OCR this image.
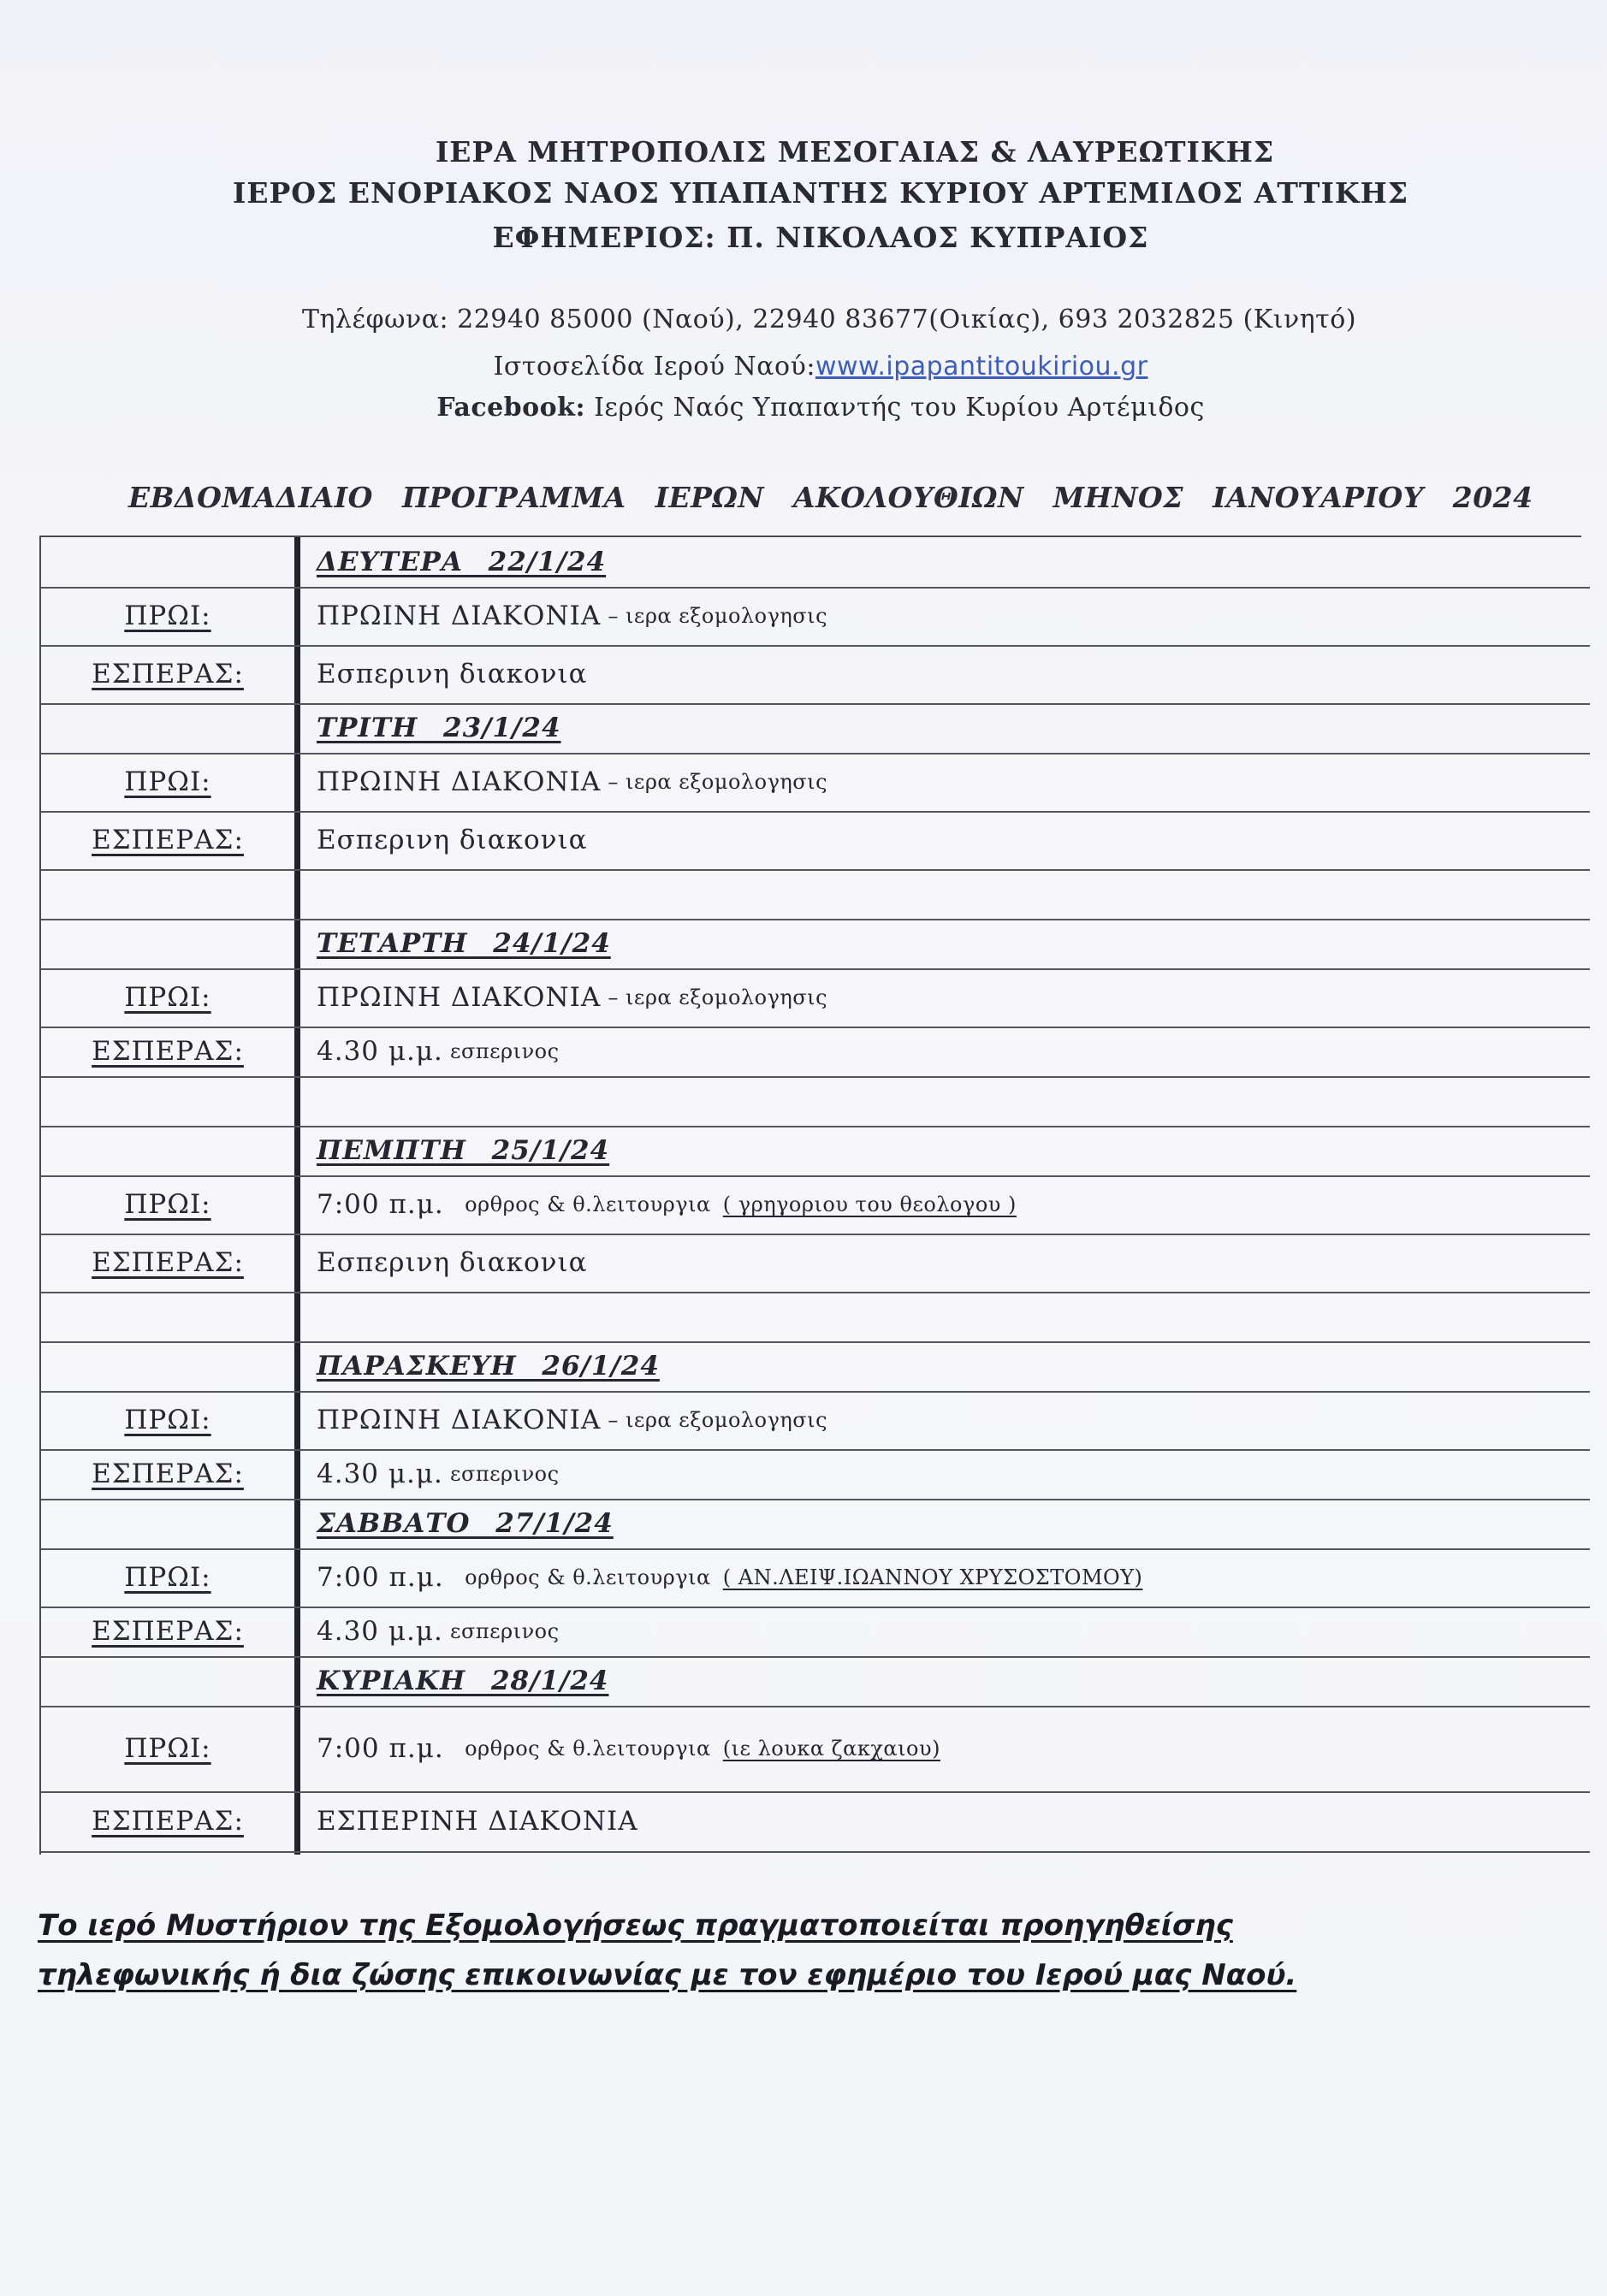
ΙΕΡΑ ΜΗΤΡΟΠΟΛΙΣ ΜΕΣΟΓΑΙΑΣ & ΛΑΥΡΕΩΤΙΚΗΣ
ΙΕΡΟΣ ΕΝΟΡΙΑΚΟΣ ΝΑΟΣ ΥΠΑΠΑΝΤΗΣ ΚΥΡΙΟΥ ΑΡΤΕΜΙΔΟΣ ΑΤΤΙΚΗΣ
ΕΦΗΜΕΡΙΟΣ: Π. ΝΙΚΟΛΑΟΣ ΚΥΠΡΑΙΟΣ
Τηλέφωνα: 22940 85000 (Ναού), 22940 83677(Οικίας), 693 2032825 (Κινητό)
Ιστοσελίδα Ιερού Ναού:www.ipapantitoukiriou.gr
Facebook: Ιερός Ναός Υπαπαντής του Κυρίου Αρτέμιδος
ΕΒΔΟΜΑΔΙΑΙΟ ΠΡΟΓΡΑΜΜΑ ΙΕΡΩΝ ΑΚΟΛΟΥΘΙΩΝ ΜΗΝΟΣ ΙΑΝΟΥΑΡΙΟΥ 2024
ΔΕΥΤΕΡΑ 22/1/24
ΠΡΩΙ:	ΠΡΩΙΝΗ ΔΙΑΚΟΝΙΑ – ιερα εξομολογησις
ΕΣΠΕΡΑΣ:	Εσπερινη διακονια
ΤΡΙΤΗ 23/1/24
ΠΡΩΙ:	ΠΡΩΙΝΗ ΔΙΑΚΟΝΙΑ – ιερα εξομολογησις
ΕΣΠΕΡΑΣ:	Εσπερινη διακονια
ΤΕΤΑΡΤΗ 24/1/24
ΠΡΩΙ:	ΠΡΩΙΝΗ ΔΙΑΚΟΝΙΑ – ιερα εξομολογησις
ΕΣΠΕΡΑΣ:	4.30 μ.μ. εσπερινος
ΠΕΜΠΤΗ 25/1/24
ΠΡΩΙ:	7:00 π.μ. ορθρος & θ.λειτουργια ( γρηγοριου του θεολογου )
ΕΣΠΕΡΑΣ:	Εσπερινη διακονια
ΠΑΡΑΣΚΕΥΗ 26/1/24
ΠΡΩΙ:	ΠΡΩΙΝΗ ΔΙΑΚΟΝΙΑ – ιερα εξομολογησις
ΕΣΠΕΡΑΣ:	4.30 μ.μ. εσπερινος
ΣΑΒΒΑΤΟ 27/1/24
ΠΡΩΙ:	7:00 π.μ. ορθρος & θ.λειτουργια ( ΑΝ.ΛΕΙΨ.ΙΩΑΝΝΟΥ ΧΡΥΣΟΣΤΟΜΟΥ)
ΕΣΠΕΡΑΣ:	4.30 μ.μ. εσπερινος
ΚΥΡΙΑΚΗ 28/1/24
ΠΡΩΙ:	7:00 π.μ. ορθρος & θ.λειτουργια (ιε λουκα ζακχαιου)
ΕΣΠΕΡΑΣ:	ΕΣΠΕΡΙΝΗ ΔΙΑΚΟΝΙΑ
Το ιερό Μυστήριον της Εξομολογήσεως πραγματοποιείται προηγηθείσης
τηλεφωνικής ή δια ζώσης επικοινωνίας με τον εφημέριο του Ιερού μας Ναού.
